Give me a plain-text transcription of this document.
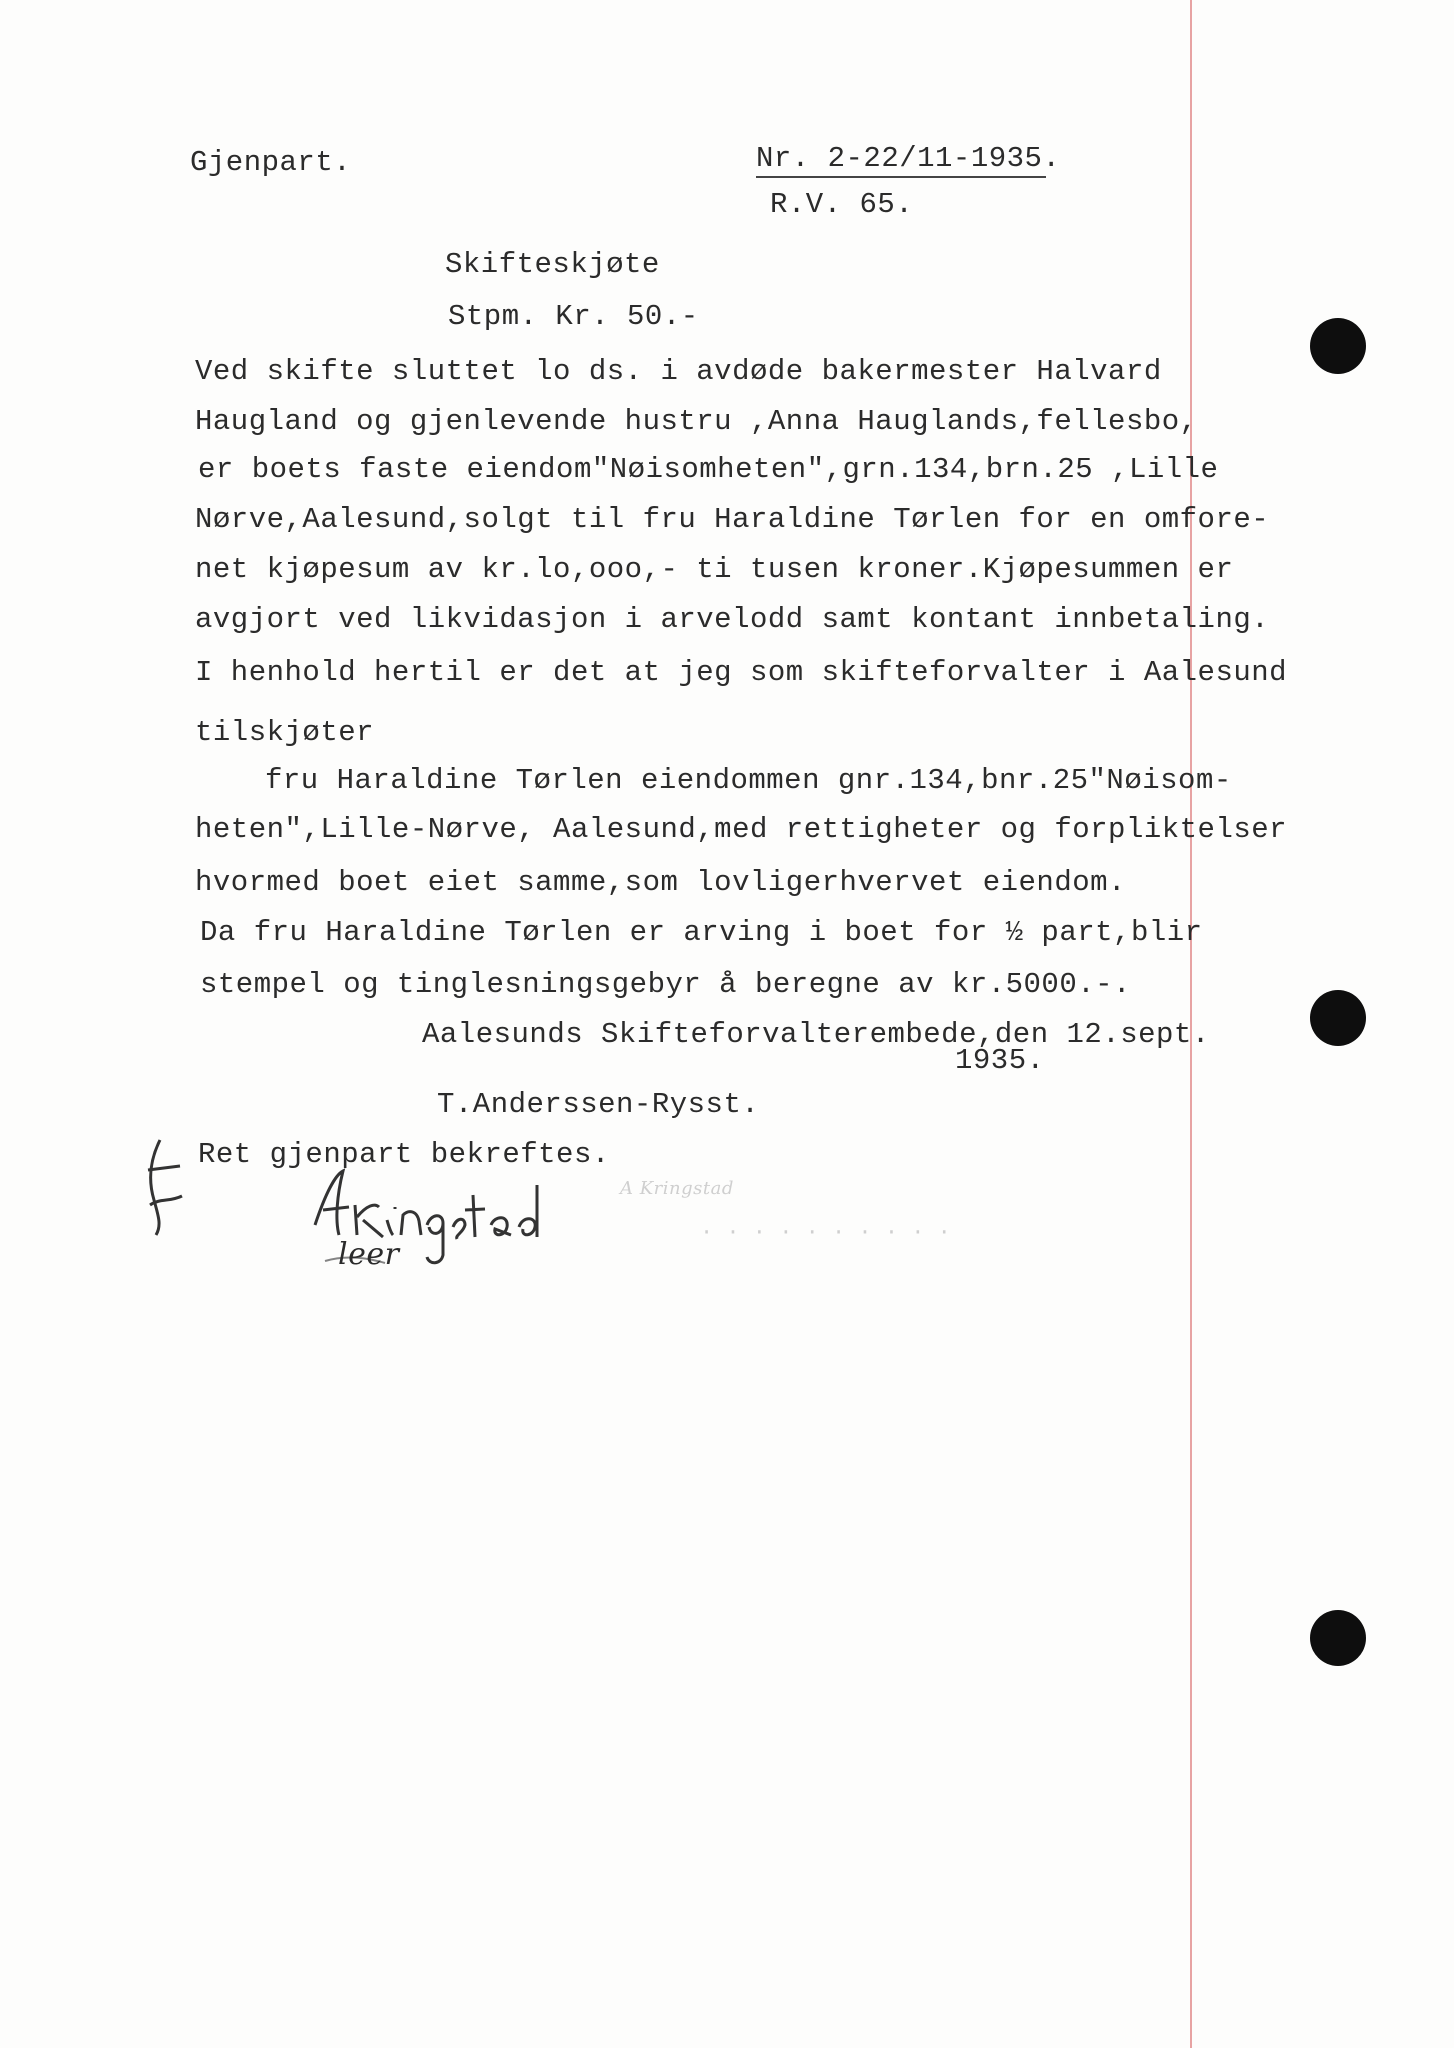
Gjenpart.	Nr. 2-22/11-1935.
R.V. 65.
Skifteskjøte
Stpm. Kr. 50.-
Ved skifte sluttet lo ds. i avdøde bakermester Halvard
Haugland og gjenlevende hustru ,Anna Hauglands,fellesbo,
er boets faste eiendom"Nøisomheten",grn.134,brn.25 ,Lille
Nørve,Aalesund,solgt til fru Haraldine Tørlen for en omfore-
net kjøpesum av kr.lo,ooo,- ti tusen kroner.Kjøpesummen er
avgjort ved likvidasjon i arvelodd samt kontant innbetaling.
I henhold hertil er det at jeg som skifteforvalter i Aalesund
tilskjøter
fru Haraldine Tørlen eiendommen gnr.134,bnr.25"Nøisom-
heten",Lille-Nørve, Aalesund,med rettigheter og forpliktelser
hvormed boet eiet samme,som lovligerhvervet eiendom.
Da fru Haraldine Tørlen er arving i boet for ½ part,blir
stempel og tinglesningsgebyr å beregne av kr.5000.-.
Aalesunds Skifteforvalterembede,den 12.sept.
1935.
T.Anderssen-Rysst.
Ret gjenpart bekreftes.
· · · · · · · · · ·
leer
A Kringstad
